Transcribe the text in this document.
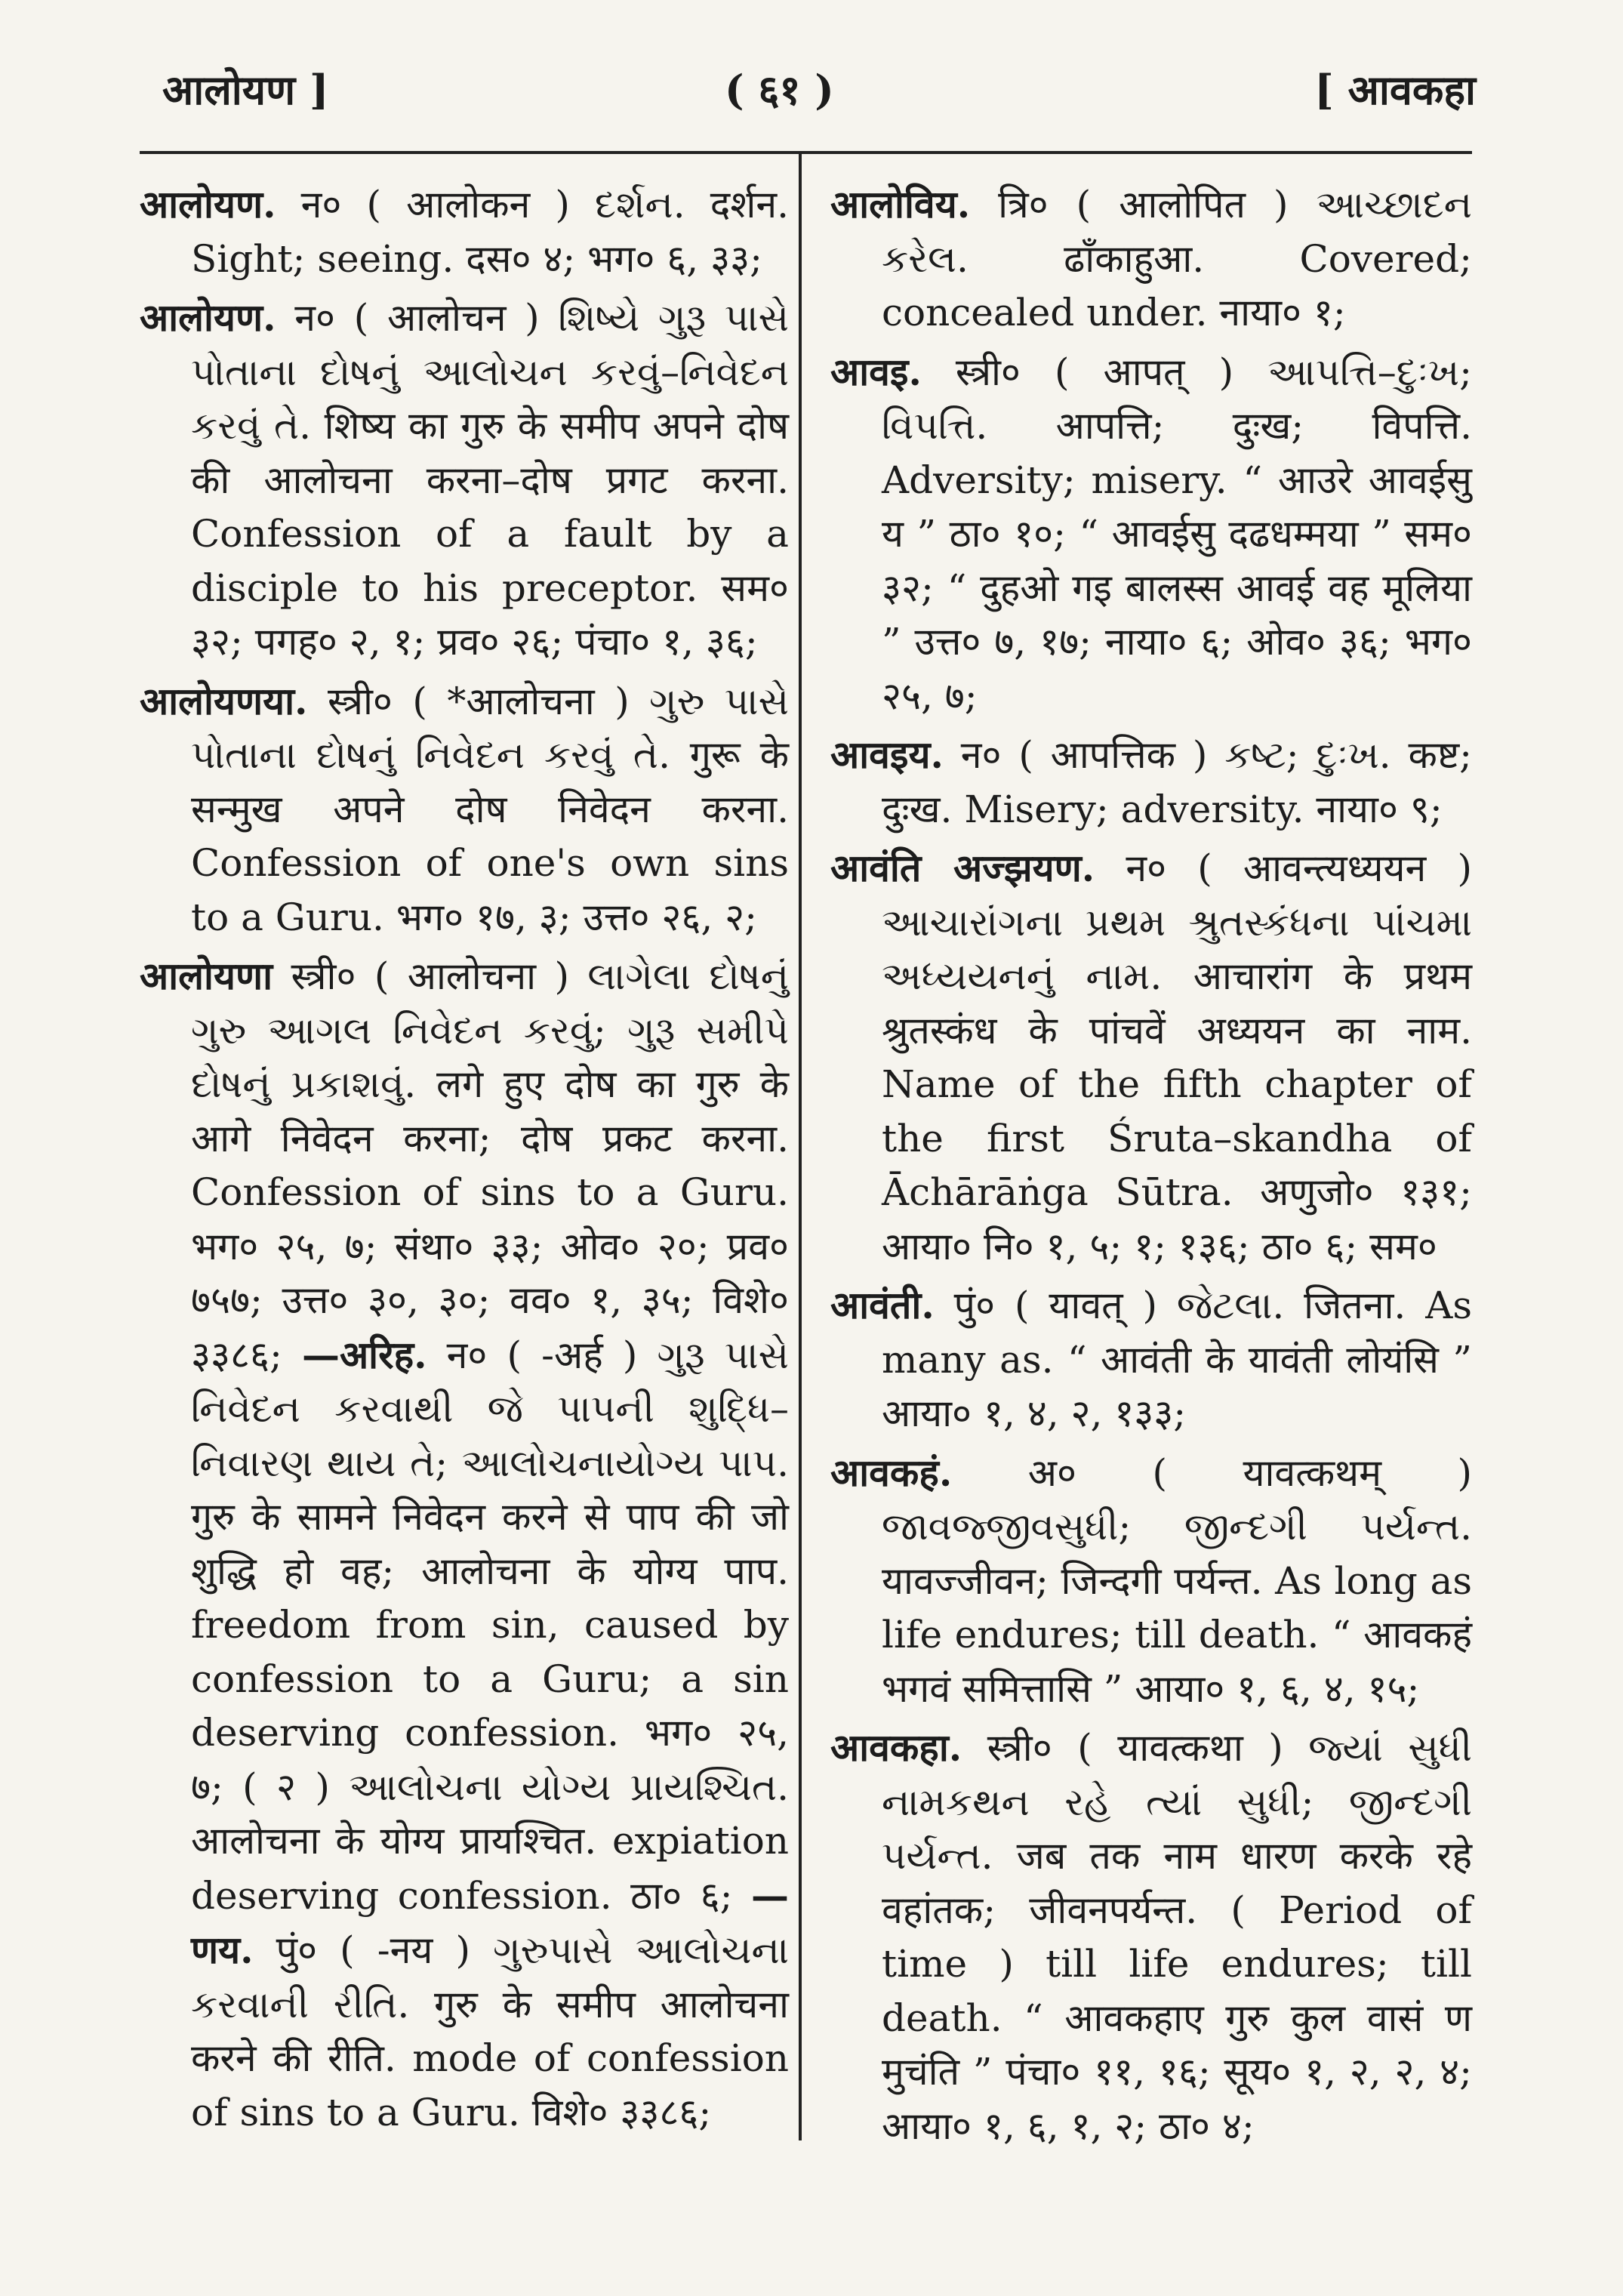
आलोयण ]	( ६१ )	[ आवकहा

आलोयण. न० ( आलोकन ) દર્શન. दर्शन. Sight; seeing. दस० ४; भग० ६, ३३;

आलोयण. न० ( आलोचन ) શિષ્યે ગુરૂ પાસે પોતાના દોષનું આલોચન કરવું–નિવેદન કરવું તે. शिष्य का गुरु के समीप अपने दोष की आलोचना करना–दोष प्रगट करना. Confession of a fault by a disciple to his preceptor. सम० ३२; पगह० २, १; प्रव० २६; पंचा० १, ३६;

आलोयणया. स्त्री० ( *आलोचना ) ગુરુ પાસે પોતાના દોષનું નિવેદન કરવું તે. गुरू के सन्मुख अपने दोष निवेदन करना. Confession of one's own sins to a Guru. भग० १७, ३; उत्त० २६, २;

आलोयणा स्त्री० ( आलोचना ) લાગેલા દોષનું ગુરુ આગલ નિવેદન કરવું; ગુરૂ સમીપે દોષનું પ્રકાશવું. लगे हुए दोष का गुरु के आगे निवेदन करना; दोष प्रकट करना. Confession of sins to a Guru. भग० २५, ७; संथा० ३३; ओव० २०; प्रव० ७५७; उत्त० ३०, ३०; वव० १, ३५; विशे० ३३८६; —अरिह. न० ( -अर्ह ) ગુરૂ પાસે નિવેદન કરવાથી જે પાપની શુદ્ધિ–નિવારણ થાય તે; આલોચનાયોગ્ય પાપ. गुरु के सामने निवेदन करने से पाप की जो शुद्धि हो वह; आलोचना के योग्य पाप. freedom from sin, caused by confession to a Guru; a sin deserving confession. भग० २५, ७; ( २ ) આલોચના યોગ્ય પ્રાયશ્ચિત. आलोचना के योग्य प्रायश्चित. expiation deserving confession. ठा० ६; —णय. पुं० ( -नय ) ગુરુપાસે આલોચના કરવાની રીતિ. गुरु के समीप आलोचना करने की रीति. mode of confession of sins to a Guru. विशे० ३३८६;

आलोविय. त्रि० ( आलोपित ) આચ્છાદન કરેલ. ढाँकाहुआ. Covered; concealed under. नाया० १;

आवइ. स्त्री० ( आपत् ) આપત્તિ–દુઃખ; વિપત્તિ. आपत्ति; दुःख; विपत्ति. Adversity; misery. “ आउरे आवईसु य ” ठा० १०; “ आवईसु दढधम्मया ” सम० ३२; “ दुहओ गइ बालस्स आवई वह मूलिया ” उत्त० ७, १७; नाया० ६; ओव० ३६; भग० २५, ७;

आवइय. न० ( आपत्तिक ) કષ્ટ; દુઃખ. कष्ट; दुःख. Misery; adversity. नाया० ९;

आवंति अज्झयण. न० ( आवन्त्यध्ययन ) આચારાંગના પ્રથમ શ્રુતસ્કંધના પાંચમા અધ્યયનનું નામ. आचारांग के प्रथम श्रुतस्कंध के पांचवें अध्ययन का नाम. Name of the fifth chapter of the first Śruta–skandha of Āchārāṅga Sūtra. अणुजो० १३१; आया० नि० १, ५; १; १३६; ठा० ६; सम०

आवंती. पुं० ( यावत् ) જેટલા. जितना. As many as. “ आवंती के यावंती लोयंसि ” आया० १, ४, २, १३३;

आवकहं. अ० ( यावत्कथम् ) જાવજ્જીવસુધી; જીન્દગી પર્યન્ત. यावज्जीवन; जिन्दगी पर्यन्त. As long as life endures; till death. “ आवकहं भगवं समित्तासि ” आया० १, ६, ४, १५;

आवकहा. स्त्री० ( यावत्कथा ) જ્યાં સુધી નામકથન રહે ત્યાં સુધી; જીન્દગી પર્યન્ત. जब तक नाम धारण करके रहे वहांतक; जीवनपर्यन्त. ( Period of time ) till life endures; till death. “ आवकहाए गुरु कुल वासं ण मुचंति ” पंचा० ११, १६; सूय० १, २, २, ४; आया० १, ६, १, २; ठा० ४;
